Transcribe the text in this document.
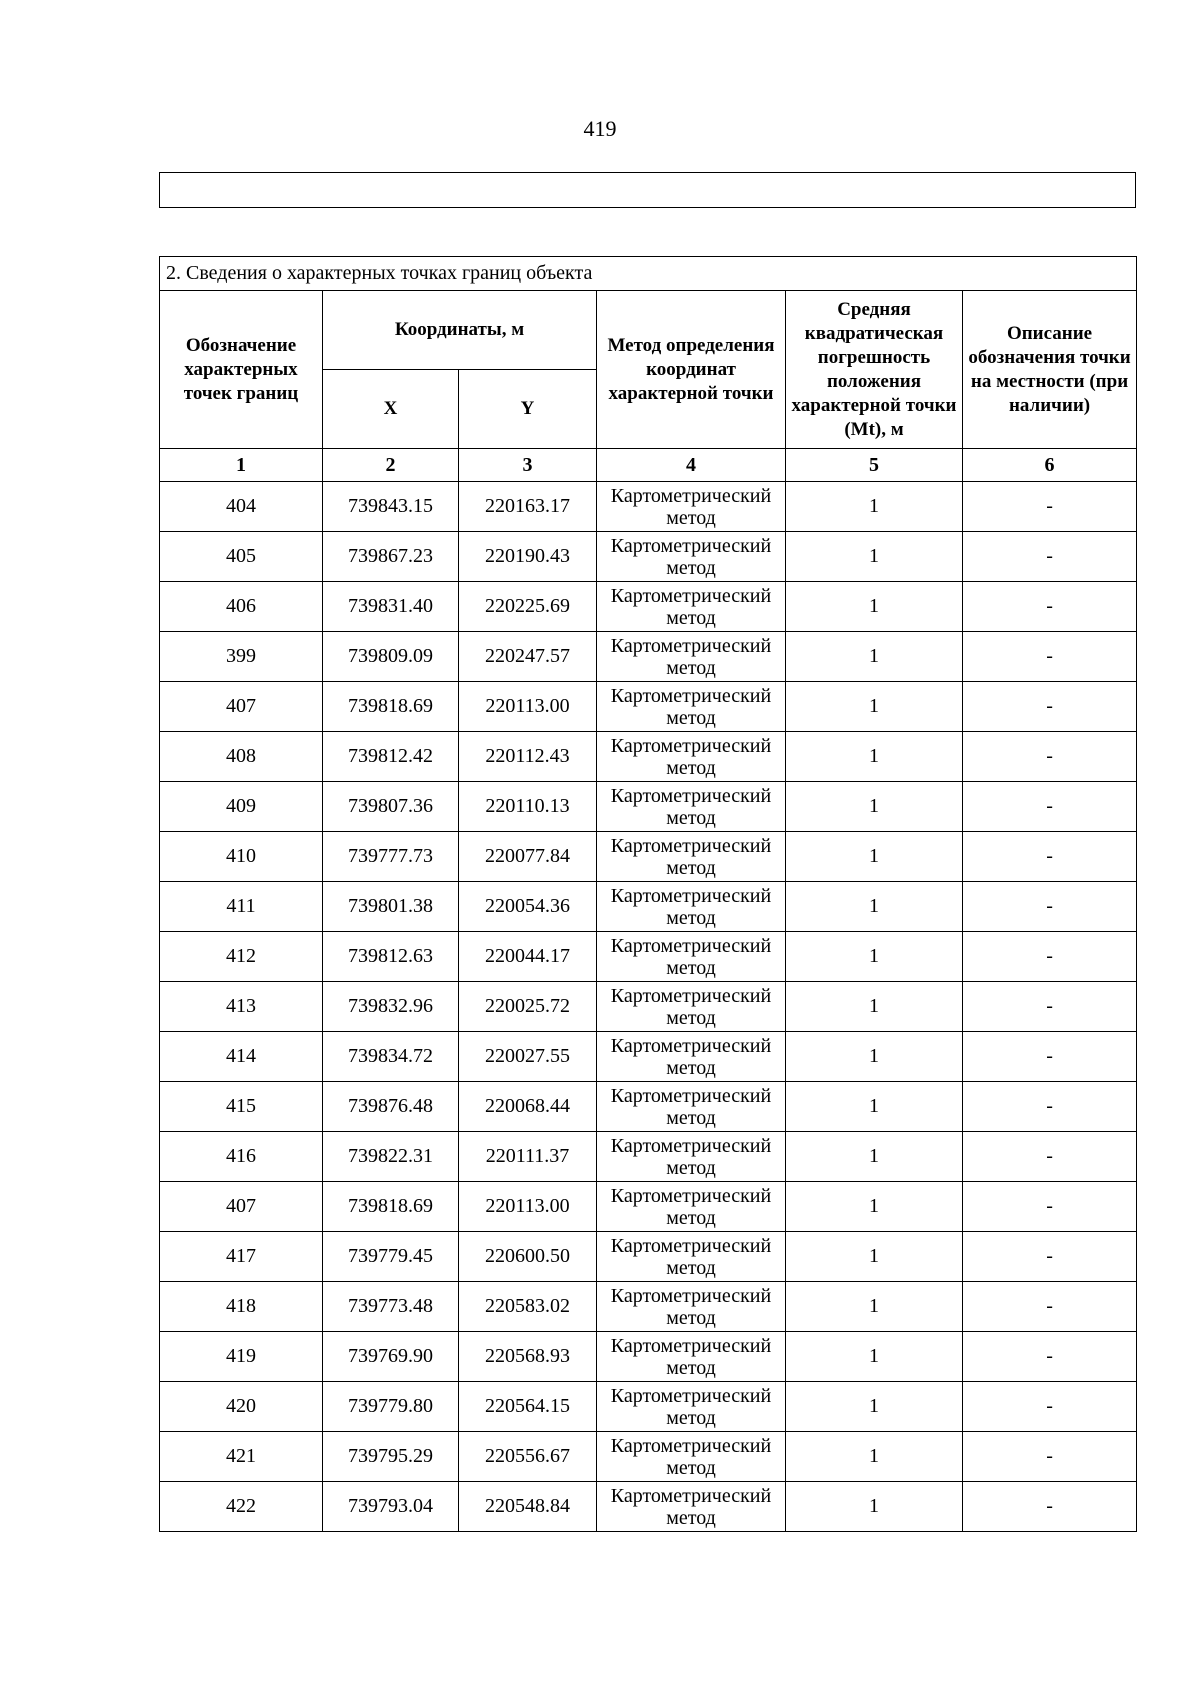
419
2. Сведения о характерных точках границ объекта					
Обозначение характерных точек границ	Координаты, м		Метод определения координат характерной точки	Средняя квадратическая погрешность положения характерной точки (Mt), м	Описание обозначения точки на местности (при наличии)
	X	Y			
1	2	3	4	5	6
404	739843.15	220163.17	Картометрический метод	1	-
405	739867.23	220190.43	Картометрический метод	1	-
406	739831.40	220225.69	Картометрический метод	1	-
399	739809.09	220247.57	Картометрический метод	1	-
407	739818.69	220113.00	Картометрический метод	1	-
408	739812.42	220112.43	Картометрический метод	1	-
409	739807.36	220110.13	Картометрический метод	1	-
410	739777.73	220077.84	Картометрический метод	1	-
411	739801.38	220054.36	Картометрический метод	1	-
412	739812.63	220044.17	Картометрический метод	1	-
413	739832.96	220025.72	Картометрический метод	1	-
414	739834.72	220027.55	Картометрический метод	1	-
415	739876.48	220068.44	Картометрический метод	1	-
416	739822.31	220111.37	Картометрический метод	1	-
407	739818.69	220113.00	Картометрический метод	1	-
417	739779.45	220600.50	Картометрический метод	1	-
418	739773.48	220583.02	Картометрический метод	1	-
419	739769.90	220568.93	Картометрический метод	1	-
420	739779.80	220564.15	Картометрический метод	1	-
421	739795.29	220556.67	Картометрический метод	1	-
422	739793.04	220548.84	Картометрический метод	1	-
